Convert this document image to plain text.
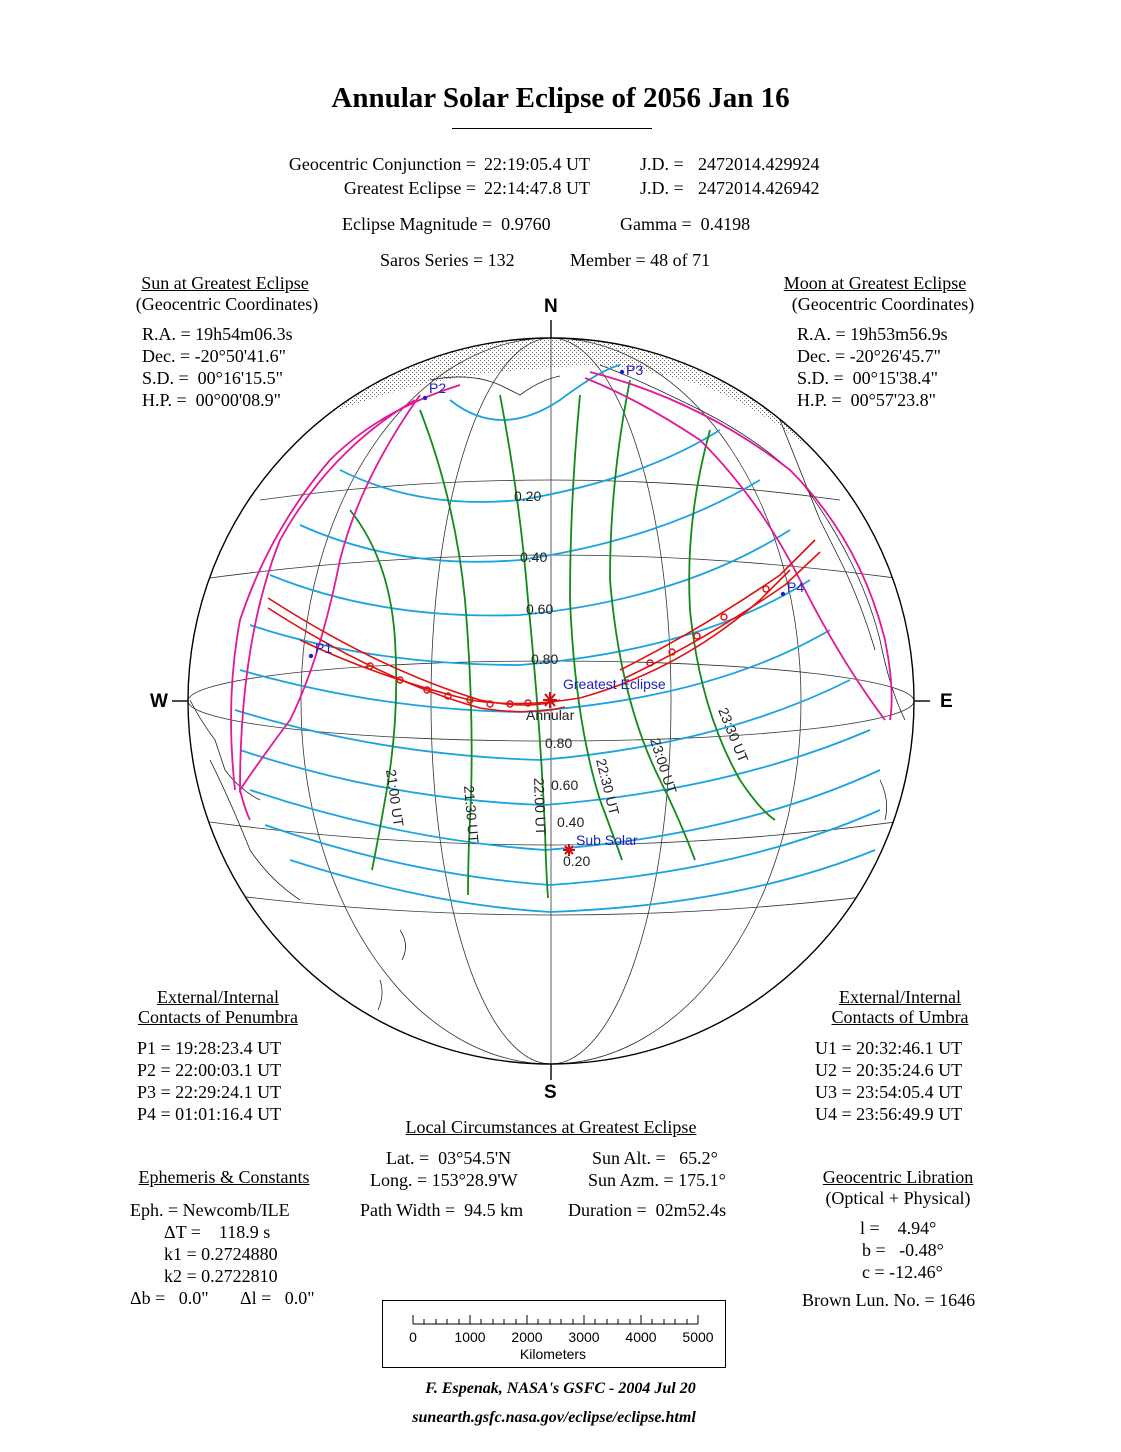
Annular Solar Eclipse of 2056 Jan 16
Geocentric Conjunction = 22:19:05.4 UT	J.D. = 2472014.429924
Greatest Eclipse = 22:14:47.8 UT	J.D. = 2472014.426942
Eclipse Magnitude =  0.9760	Gamma =  0.4198
Saros Series = 132	Member = 48 of 71
Sun at Greatest Eclipse
(Geocentric Coordinates)
R.A. = 19h54m06.3s
Dec. = -20°50'41.6"
S.D. =  00°16'15.5"
H.P. =  00°00'08.9"
Moon at Greatest Eclipse
(Geocentric Coordinates)
R.A. = 19h53m56.9s
Dec. = -20°26'45.7"
S.D. =  00°15'38.4"
H.P. =  00°57'23.8"
N
S
W	E
P1
P2
P3
P4
Greatest Eclipse
Annular
Sub Solar
0.20
0.40
0.60
0.80
0.80
0.60
0.40
0.20
21:00 UT	21:30 UT	22:00 UT	22:30 UT 23:00 UT
23:30 UT
External/Internal
Contacts of Penumbra
P1 = 19:28:23.4 UT
P2 = 22:00:03.1 UT
P3 = 22:29:24.1 UT
P4 = 01:01:16.4 UT
External/Internal
Contacts of Umbra
U1 = 20:32:46.1 UT
U2 = 20:35:24.6 UT
U3 = 23:54:05.4 UT
U4 = 23:56:49.9 UT
Local Circumstances at Greatest Eclipse
Lat. =  03°54.5'N
Long. = 153°28.9'W
Sun Alt. =   65.2°
Sun Azm. = 175.1°
Path Width =  94.5 km Duration =  02m52.4s
Ephemeris & Constants
Eph. = Newcomb/ILE
ΔT =    118.9 s
k1 = 0.2724880
k2 = 0.2722810
Δb =   0.0" Δl =   0.0"
Geocentric Libration
(Optical + Physical)
l =    4.94°
b =   -0.48°
c = -12.46°
Brown Lun. No. = 1646
0	1000 2000 3000 4000 5000
Kilometers
F. Espenak, NASA's GSFC - 2004 Jul 20
sunearth.gsfc.nasa.gov/eclipse/eclipse.html
